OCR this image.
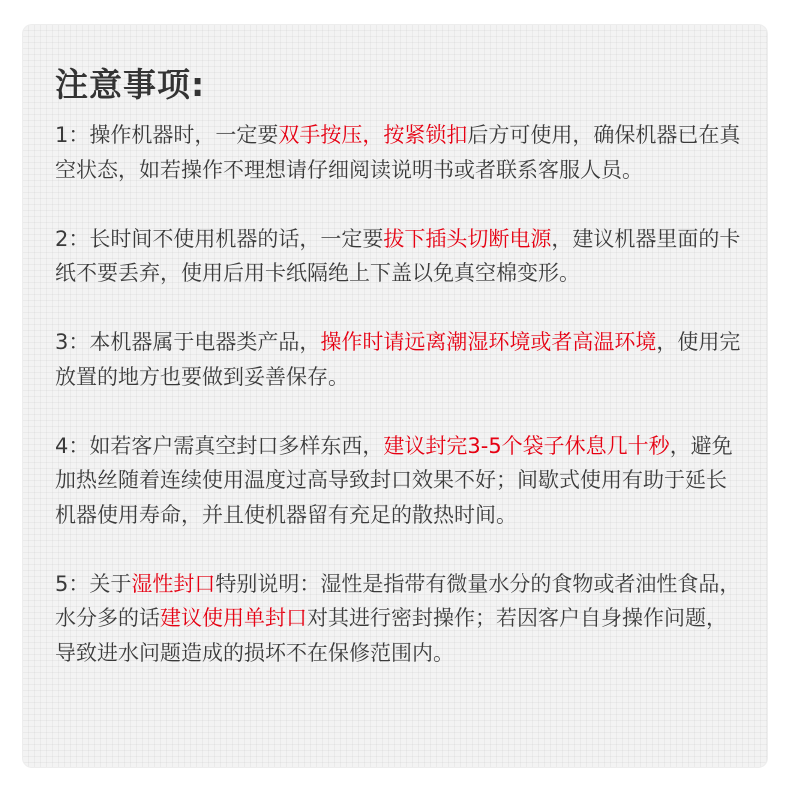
注意事项:

1：操作机器时，一定要双手按压，按紧锁扣后方可使用，确保机器已在真空状态，如若操作不理想请仔细阅读说明书或者联系客服人员。

2：长时间不使用机器的话，一定要拔下插头切断电源，建议机器里面的卡纸不要丢弃，使用后用卡纸隔绝上下盖以免真空棉变形。

3：本机器属于电器类产品，操作时请远离潮湿环境或者高温环境，使用完放置的地方也要做到妥善保存。

4：如若客户需真空封口多样东西，建议封完3-5个袋子休息几十秒，避免加热丝随着连续使用温度过高导致封口效果不好；间歇式使用有助于延长机器使用寿命，并且使机器留有充足的散热时间。

5：关于湿性封口特别说明：湿性是指带有微量水分的食物或者油性食品，水分多的话建议使用单封口对其进行密封操作；若因客户自身操作问题，导致进水问题造成的损坏不在保修范围内。
